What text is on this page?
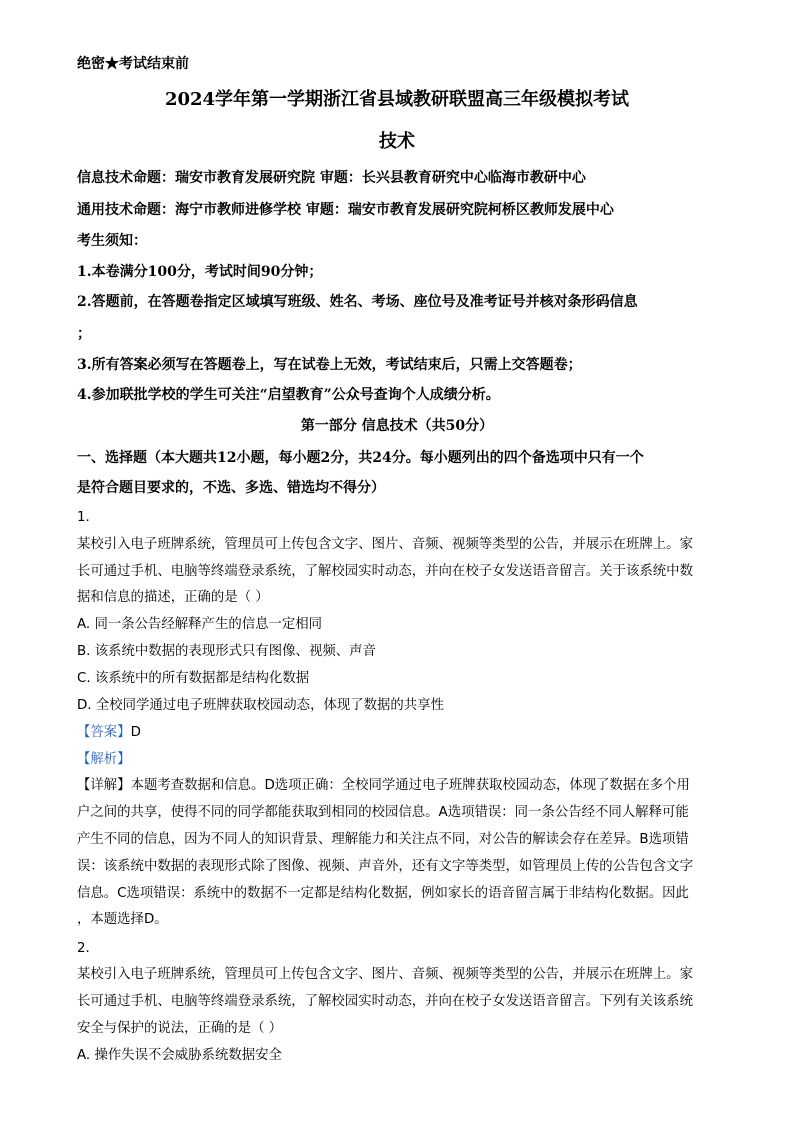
绝密★考试结束前
2024学年第一学期浙江省县域教研联盟高三年级模拟考试
技术
信息技术命题：瑞安市教育发展研究院 审题：长兴县教育研究中心临海市教研中心
通用技术命题：海宁市教师进修学校 审题：瑞安市教育发展研究院柯桥区教师发展中心
考生须知：
1.本卷满分100分，考试时间90分钟；
2.答题前，在答题卷指定区域填写班级、姓名、考场、座位号及准考证号并核对条形码信息
；
3.所有答案必须写在答题卷上，写在试卷上无效，考试结束后，只需上交答题卷；
4.参加联批学校的学生可关注“启望教育”公众号查询个人成绩分析。
第一部分 信息技术（共50分）
一、选择题（本大题共12小题，每小题2分，共24分。每小题列出的四个备选项中只有一个
是符合题目要求的，不选、多选、错选均不得分）
1.
某校引入电子班牌系统，管理员可上传包含文字、图片、音频、视频等类型的公告，并展示在班牌上。家
长可通过手机、电脑等终端登录系统，了解校园实时动态，并向在校子女发送语音留言。关于该系统中数
据和信息的描述，正确的是（ ）
A. 同一条公告经解释产生的信息一定相同
B. 该系统中数据的表现形式只有图像、视频、声音
C. 该系统中的所有数据都是结构化数据
D. 全校同学通过电子班牌获取校园动态，体现了数据的共享性
【答案】D
【解析】
【详解】本题考查数据和信息。D选项正确：全校同学通过电子班牌获取校园动态，体现了数据在多个用
户之间的共享，使得不同的同学都能获取到相同的校园信息。A选项错误：同一条公告经不同人解释可能
产生不同的信息，因为不同人的知识背景、理解能力和关注点不同，对公告的解读会存在差异。B选项错
误：该系统中数据的表现形式除了图像、视频、声音外，还有文字等类型，如管理员上传的公告包含文字
信息。C选项错误：系统中的数据不一定都是结构化数据，例如家长的语音留言属于非结构化数据。因此
，本题选择D。
2.
某校引入电子班牌系统，管理员可上传包含文字、图片、音频、视频等类型的公告，并展示在班牌上。家
长可通过手机、电脑等终端登录系统，了解校园实时动态，并向在校子女发送语音留言。下列有关该系统
安全与保护的说法，正确的是（ ）
A. 操作失误不会威胁系统数据安全
